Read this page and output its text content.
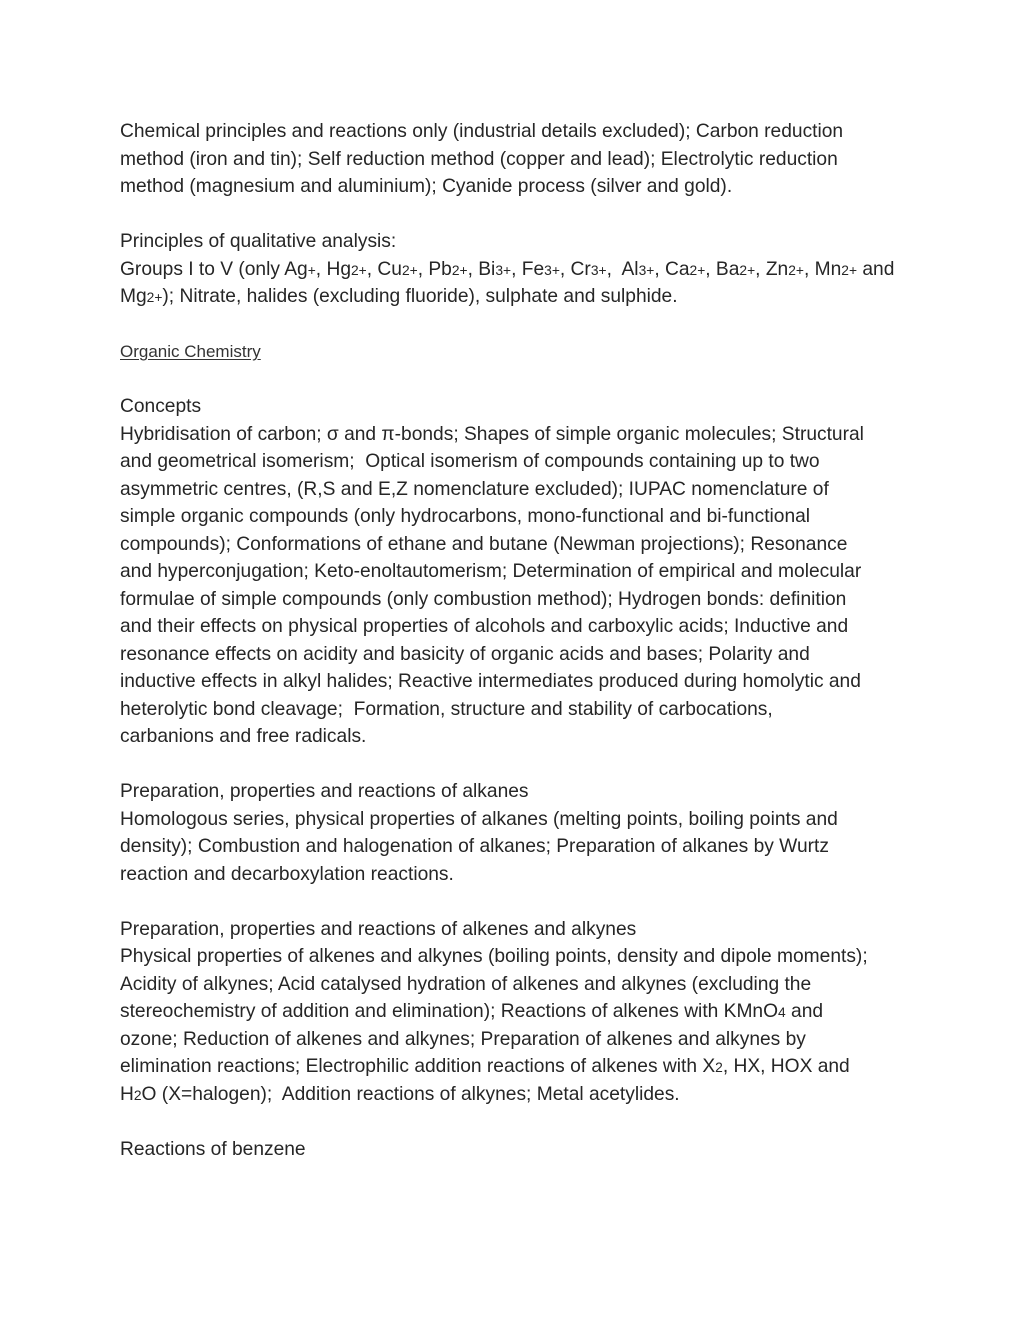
Chemical principles and reactions only (industrial details excluded); Carbon reduction
method (iron and tin); Self reduction method (copper and lead); Electrolytic reduction
method (magnesium and aluminium); Cyanide process (silver and gold).

Principles of qualitative analysis:
Groups I to V (only Ag+, Hg2+, Cu2+, Pb2+, Bi3+, Fe3+, Cr3+,  Al3+, Ca2+, Ba2+, Zn2+, Mn2+ and
Mg2+); Nitrate, halides (excluding fluoride), sulphate and sulphide.

Organic Chemistry

Concepts
Hybridisation of carbon; σ and π-bonds; Shapes of simple organic molecules; Structural
and geometrical isomerism;  Optical isomerism of compounds containing up to two
asymmetric centres, (R,S and E,Z nomenclature excluded); IUPAC nomenclature of
simple organic compounds (only hydrocarbons, mono-functional and bi-functional
compounds); Conformations of ethane and butane (Newman projections); Resonance
and hyperconjugation; Keto-enoltautomerism; Determination of empirical and molecular
formulae of simple compounds (only combustion method); Hydrogen bonds: definition
and their effects on physical properties of alcohols and carboxylic acids; Inductive and
resonance effects on acidity and basicity of organic acids and bases; Polarity and
inductive effects in alkyl halides; Reactive intermediates produced during homolytic and
heterolytic bond cleavage;  Formation, structure and stability of carbocations,
carbanions and free radicals.

Preparation, properties and reactions of alkanes
Homologous series, physical properties of alkanes (melting points, boiling points and
density); Combustion and halogenation of alkanes; Preparation of alkanes by Wurtz
reaction and decarboxylation reactions.

Preparation, properties and reactions of alkenes and alkynes
Physical properties of alkenes and alkynes (boiling points, density and dipole moments);
Acidity of alkynes; Acid catalysed hydration of alkenes and alkynes (excluding the
stereochemistry of addition and elimination); Reactions of alkenes with KMnO4 and
ozone; Reduction of alkenes and alkynes; Preparation of alkenes and alkynes by
elimination reactions; Electrophilic addition reactions of alkenes with X2, HX, HOX and
H2O (X=halogen);  Addition reactions of alkynes; Metal acetylides.

Reactions of benzene
